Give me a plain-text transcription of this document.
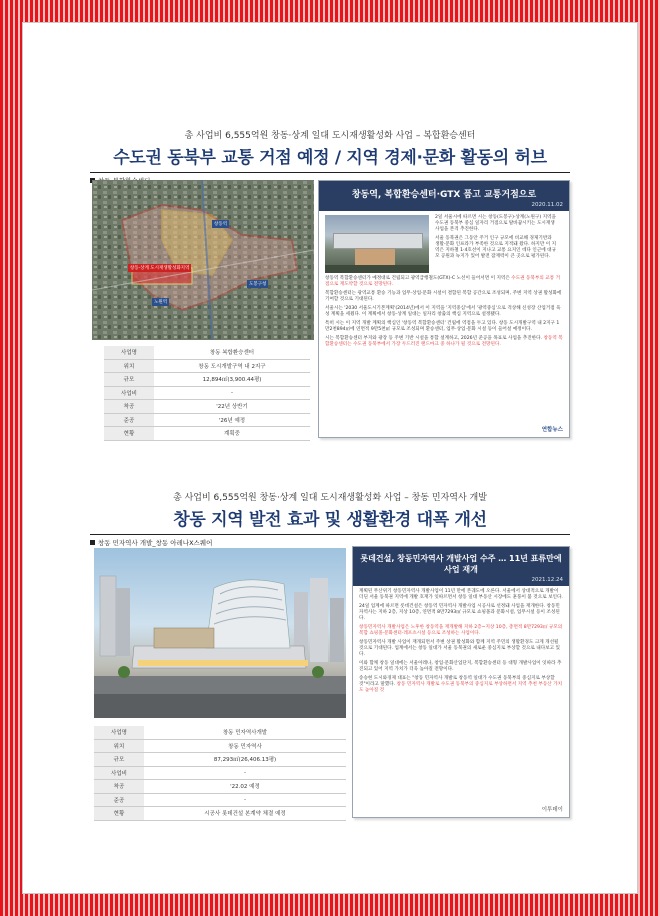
총 사업비 6,555억원 창동·상계 일대 도시재생활성화 사업 – 복합환승센터
수도권 동북부 교통 거점 예정 / 지역 경제·문화 활동의 허브
창동·상계 도시재생활성화지역
창동역
도봉구청
노원역
사업명	창동 복합환승센터
위치	창동 도시개발구역 내 2지구
규모	12,894㎡(3,900.44평)
사업비	-
착공	'22년 상반기
준공	'26년 예정
현황	계획중
창동역, 복합환승센터·GTX 품고 교통거점으로
2020.11.02
2일 서울시에 따르면 시는 창동(도봉구)·상계(노원구) 지역을 수도권 동북부 중심 일자리 거점으로 탈바꿈시키는 도시재생 사업을 본격 추진한다.
서울 동북권은 그동안 주거 인구 규모에 비교해 경제기반과 생활·문화 인프라가 부족한 것으로 지적돼 왔다. 하지만 이 지역은 지하철 1·4호선이 지나고 교통 요지인 데다 인근에 대규모 공원과 녹지가 있어 발전 잠재력이 큰 곳으로 평가된다.
창동역 복합환승센터가 예정대로 건립되고 광역급행철도(GTX)-C 노선이 들어서면 이 지역은 수도권 동북부의 교통 거점으로 재도약할 것으로 전망된다.
복합환승센터는 광역교통 환승 기능과 업무·상업·문화 시설이 결합된 복합 공간으로 조성되며, 주변 지역 상권 활성화에 기여할 것으로 기대된다.
서울시는 '2030 서울도시기본계획'(2014년)에서 이 지역을 '지역중심'에서 '광역중심'으로 격상해 신성장 산업거점 육성 계획을 세웠다. 이 계획에서 창동·상계 일대는 일자리 창출의 핵심 지역으로 설정됐다.
특히 시는 이 지역 개발 계획의 핵심인 '창동역 복합환승센터' 건립에 역점을 두고 있다. 창동 도시개발구역 내 2지구 1만2천894㎡에 연면적 9만5천㎡ 규모로 조성되며 환승센터, 업무·상업·문화 시설 등이 들어설 예정이다.
시는 복합환승센터 부지와 광장 등 주변 기반 시설을 통합 설계하고, 2026년 준공을 목표로 사업을 추진한다. 창동역 복합환승센터는 수도권 동북부에서 가장 두드러진 랜드마크 중 하나가 될 것으로 전망된다.
연합뉴스
총 사업비 6,555억원 창동·상계 일대 도시재생활성화 사업 – 창동 민자역사 개발
창동 지역 발전 효과 및 생활환경 대폭 개선
창동 민자역사 개발_창동 아레나X스퀘어
사업명	창동 민자역사개발
위치	창동 민자역사
규모	87,293㎡(26,406.13평)
사업비	-
착공	'22.02 예정
준공	-
현황	시공사 롯데건설 본계약 체결 예정
롯데건설, 창동민자역사 개발사업 수주 … 11년 표류만에 사업 재개
2021.12.24
계획된 무산위기 창동민자역사 개발사업이 11년 만에 본궤도에 오른다. 서울에서 상대적으로 개발이 더딘 서울 동북권 지역에 개발 호재가 잇따르면서 창동 일대 부동산 시장에도 훈풍이 불 것으로 보인다.
24일 업계에 따르면 롯데건설은 창동역 민자역사 개발사업 시공사로 선정돼 사업을 재개한다. 창동민자역사는 지하 2층, 지상 10층, 연면적 8만7293㎡ 규모로 쇼핑몰과 문화시설, 업무시설 등이 조성된다.
창동민자역사 개발사업은 노후한 창동역을 재개발해 지하 2층~지상 10층, 총면적 8만7293㎡ 규모의 복합 쇼핑몰·문화센터·레포츠시설 등으로 조성하는 사업이다.
창동민자역사 개발 사업이 재개되면서 주변 상권 활성화와 함께 지역 주민의 생활환경도 크게 개선될 것으로 기대된다. 업계에서는 창동 일대가 서울 동북권의 새로운 중심지로 부상할 것으로 내다보고 있다.
이와 함께 창동 일대에는 서울아레나, 창업·문화산업단지, 복합환승센터 등 대형 개발사업이 잇따라 추진되고 있어 지역 가치가 더욱 높아질 전망이다.
송승현 도시와경제 대표는 "창동 민자역사 개발로 창동역 일대가 수도권 동북부의 중심지로 부상할 것"이라고 말했다. 창동 민자역사 개발로 수도권 동북부의 중심지로 부상하면서 지역 추천 부동산 가치도 높아질 것
이투데이
